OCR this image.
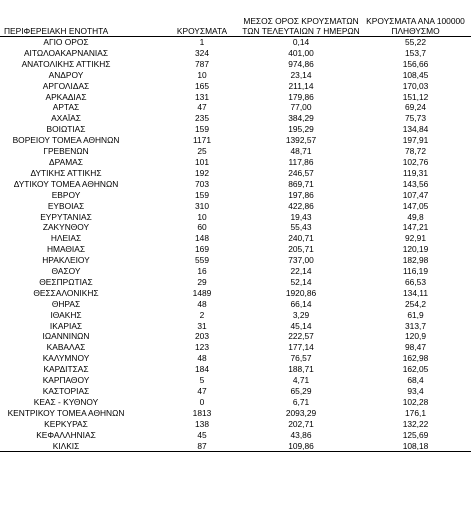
ΠΕΡΙΦΕΡΕΙΑΚΗ ΕΝΟΤΗΤΑ	ΚΡΟΥΣΜΑΤΑ	ΜΕΣΟΣ ΟΡΟΣ ΚΡΟΥΣΜΑΤΩΝ ΤΩΝ ΤΕΛΕΥΤΑΙΩΝ 7 ΗΜΕΡΩΝ	ΚΡΟΥΣΜΑΤΑ ΑΝΑ 100000 ΠΛΗΘΥΣΜΟ
ΑΓΙΟ ΟΡΟΣ	1	0,14	55,22
ΑΙΤΩΛΟΑΚΑΡΝΑΝΙΑΣ	324	401,00	153,7
ΑΝΑΤΟΛΙΚΗΣ ΑΤΤΙΚΗΣ	787	974,86	156,66
ΑΝΔΡΟΥ	10	23,14	108,45
ΑΡΓΟΛΙΔΑΣ	165	211,14	170,03
ΑΡΚΑΔΙΑΣ	131	179,86	151,12
ΑΡΤΑΣ	47	77,00	69,24
ΑΧΑΪΑΣ	235	384,29	75,73
ΒΟΙΩΤΙΑΣ	159	195,29	134,84
ΒΟΡΕΙΟΥ ΤΟΜΕΑ ΑΘΗΝΩΝ	1171	1392,57	197,91
ΓΡΕΒΕΝΩΝ	25	48,71	78,72
ΔΡΑΜΑΣ	101	117,86	102,76
ΔΥΤΙΚΗΣ ΑΤΤΙΚΗΣ	192	246,57	119,31
ΔΥΤΙΚΟΥ ΤΟΜΕΑ ΑΘΗΝΩΝ	703	869,71	143,56
ΕΒΡΟΥ	159	197,86	107,47
ΕΥΒΟΙΑΣ	310	422,86	147,05
ΕΥΡΥΤΑΝΙΑΣ	10	19,43	49,8
ΖΑΚΥΝΘΟΥ	60	55,43	147,21
ΗΛΕΙΑΣ	148	240,71	92,91
ΗΜΑΘΙΑΣ	169	205,71	120,19
ΗΡΑΚΛΕΙΟΥ	559	737,00	182,98
ΘΑΣΟΥ	16	22,14	116,19
ΘΕΣΠΡΩΤΙΑΣ	29	52,14	66,53
ΘΕΣΣΑΛΟΝΙΚΗΣ	1489	1920,86	134,11
ΘΗΡΑΣ	48	66,14	254,2
ΙΘΑΚΗΣ	2	3,29	61,9
ΙΚΑΡΙΑΣ	31	45,14	313,7
ΙΩΑΝΝΙΝΩΝ	203	222,57	120,9
ΚΑΒΑΛΑΣ	123	177,14	98,47
ΚΑΛΥΜΝΟΥ	48	76,57	162,98
ΚΑΡΔΙΤΣΑΣ	184	188,71	162,05
ΚΑΡΠΑΘΟΥ	5	4,71	68,4
ΚΑΣΤΟΡΙΑΣ	47	65,29	93,4
ΚΕΑΣ - ΚΥΘΝΟΥ	0	6,71	102,28
ΚΕΝΤΡΙΚΟΥ ΤΟΜΕΑ ΑΘΗΝΩΝ	1813	2093,29	176,1
ΚΕΡΚΥΡΑΣ	138	202,71	132,22
ΚΕΦΑΛΛΗΝΙΑΣ	45	43,86	125,69
ΚΙΛΚΙΣ	87	109,86	108,18
